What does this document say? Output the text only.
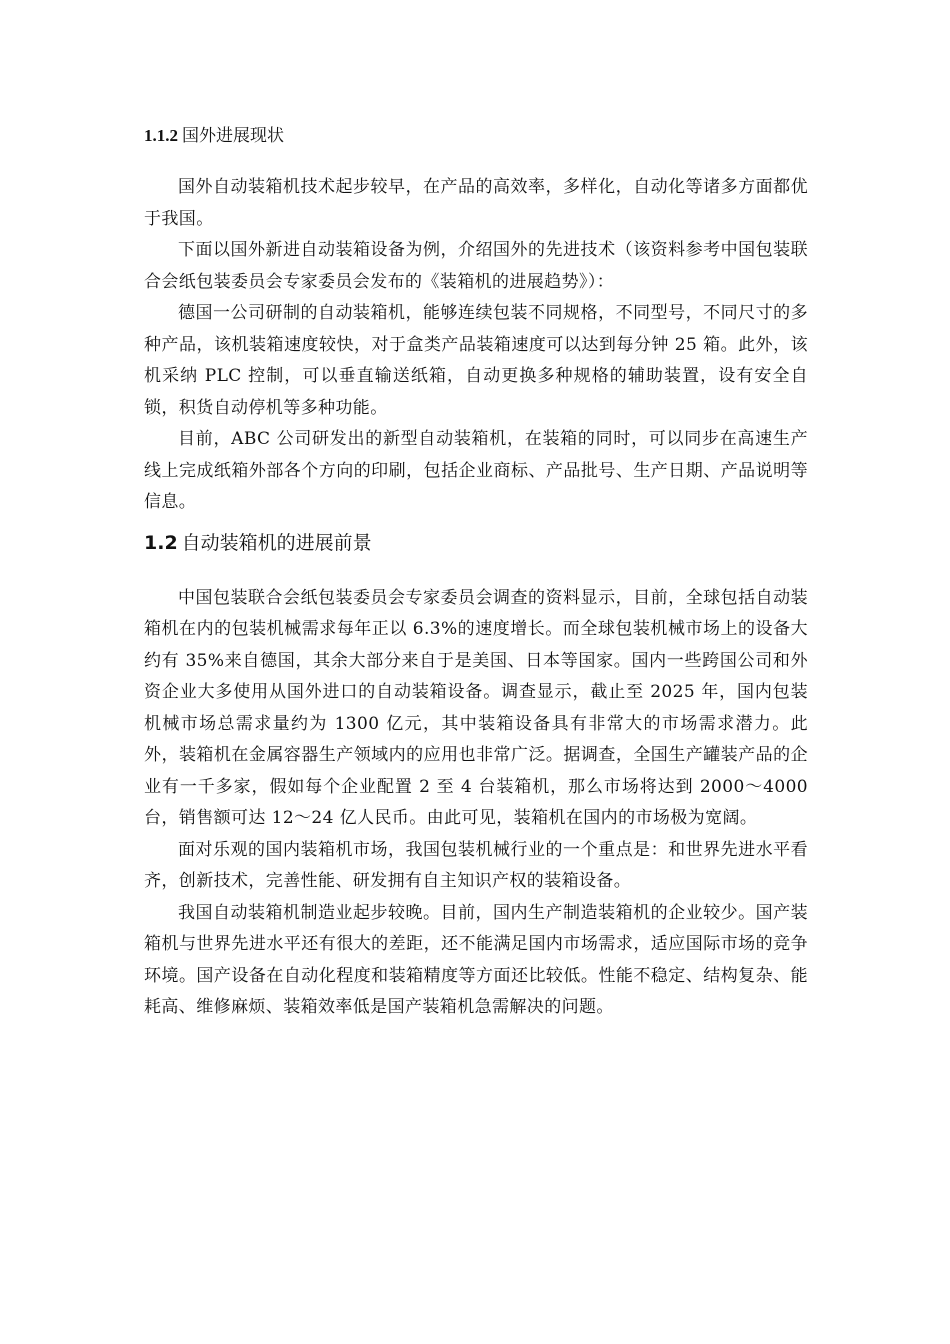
1.1.2 国外进展现状

国外自动装箱机技术起步较早，在产品的高效率，多样化，自动化等诸多方面都优于我国。

下面以国外新进自动装箱设备为例，介绍国外的先进技术（该资料参考中国包装联合会纸包装委员会专家委员会发布的《装箱机的进展趋势》）：

德国一公司研制的自动装箱机，能够连续包装不同规格，不同型号，不同尺寸的多种产品，该机装箱速度较快，对于盒类产品装箱速度可以达到每分钟 25 箱。此外，该机采纳 PLC 控制，可以垂直输送纸箱，自动更换多种规格的辅助装置，设有安全自锁，积货自动停机等多种功能。

目前，ABC 公司研发出的新型自动装箱机，在装箱的同时，可以同步在高速生产线上完成纸箱外部各个方向的印刷，包括企业商标、产品批号、生产日期、产品说明等信息。

1.2 自动装箱机的进展前景

中国包装联合会纸包装委员会专家委员会调查的资料显示，目前，全球包括自动装箱机在内的包装机械需求每年正以 6.3%的速度增长。而全球包装机械市场上的设备大约有 35%来自德国，其余大部分来自于是美国、日本等国家。国内一些跨国公司和外资企业大多使用从国外进口的自动装箱设备。调查显示，截止至 2025 年，国内包装机械市场总需求量约为 1300 亿元，其中装箱设备具有非常大的市场需求潜力。此外，装箱机在金属容器生产领域内的应用也非常广泛。据调查，全国生产罐装产品的企业有一千多家，假如每个企业配置 2 至 4 台装箱机，那么市场将达到 2000～4000 台，销售额可达 12～24 亿人民币。由此可见，装箱机在国内的市场极为宽阔。

面对乐观的国内装箱机市场，我国包装机械行业的一个重点是：和世界先进水平看齐，创新技术，完善性能、研发拥有自主知识产权的装箱设备。

我国自动装箱机制造业起步较晚。目前，国内生产制造装箱机的企业较少。国产装箱机与世界先进水平还有很大的差距，还不能满足国内市场需求，适应国际市场的竞争环境。国产设备在自动化程度和装箱精度等方面还比较低。性能不稳定、结构复杂、能耗高、维修麻烦、装箱效率低是国产装箱机急需解决的问题。
